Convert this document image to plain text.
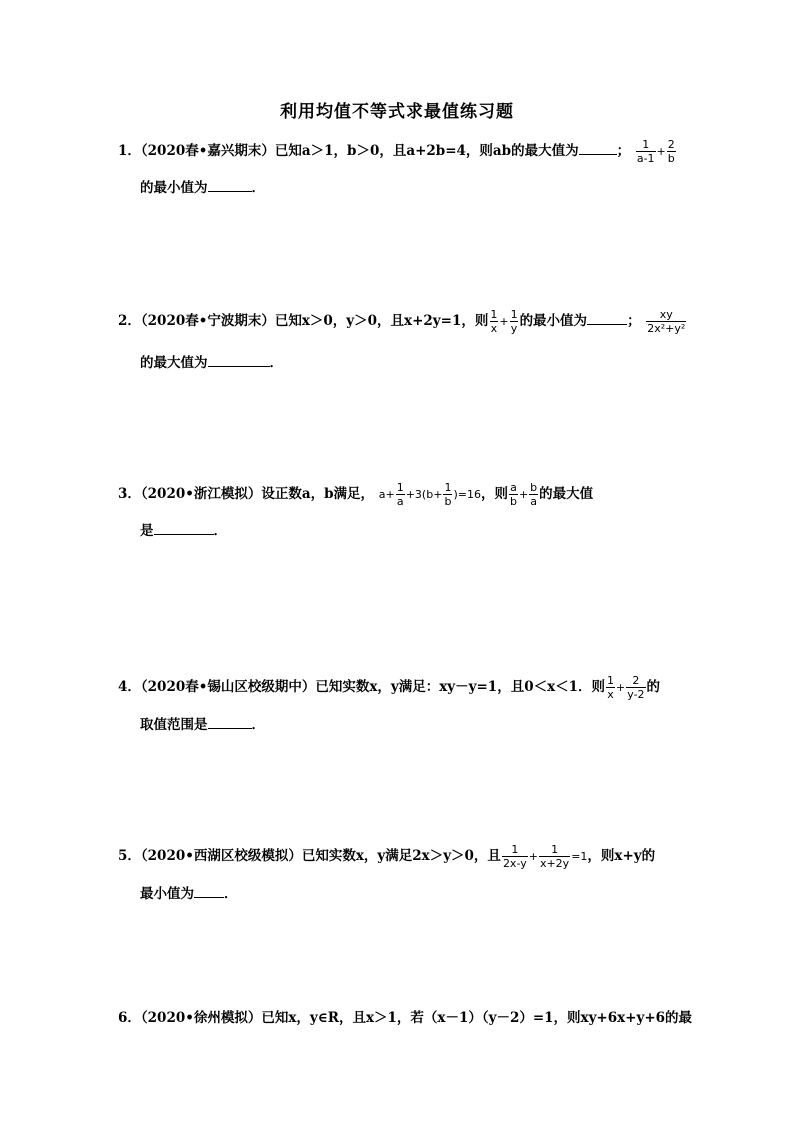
利用均值不等式求最值练习题
1．（2020春•嘉兴期末）已知a＞1，b＞0，且a+2b=4，则ab的最大值为	； $\frac{1}{a-1} + \frac{2}{b}$
的最小值为	．
2．（2020春•宁波期末）已知x＞0，y＞0，且x+2y=1，则 $\frac{1}{x} + \frac{1}{y}$ 的最小值为	； $\frac{xy}{\text{2x²+y²}}$
的最大值为	．
3．（2020•浙江模拟）设正数a，b满足， $a+ \frac{1}{a} +3(b+ \frac{1}{b} )=16$，则 $\frac{a}{b} + \frac{b}{a}$ 的最大值
是	．
4．（2020春•锡山区校级期中）已知实数x，y满足：xy－y=1，且0＜x＜1．则 $\frac{1}{x} + \frac{2}{y-2}$ 的
取值范围是	．
5．（2020•西湖区校级模拟）已知实数x，y满足2x＞y＞0，且 $\frac{1}{2x-y} + \frac{1}{x+2y} =1$，则x+y的
最小值为 ．
6．（2020•徐州模拟）已知x，y∈R，且x＞1，若（x－1）（y－2）=1，则xy+6x+y+6的最
